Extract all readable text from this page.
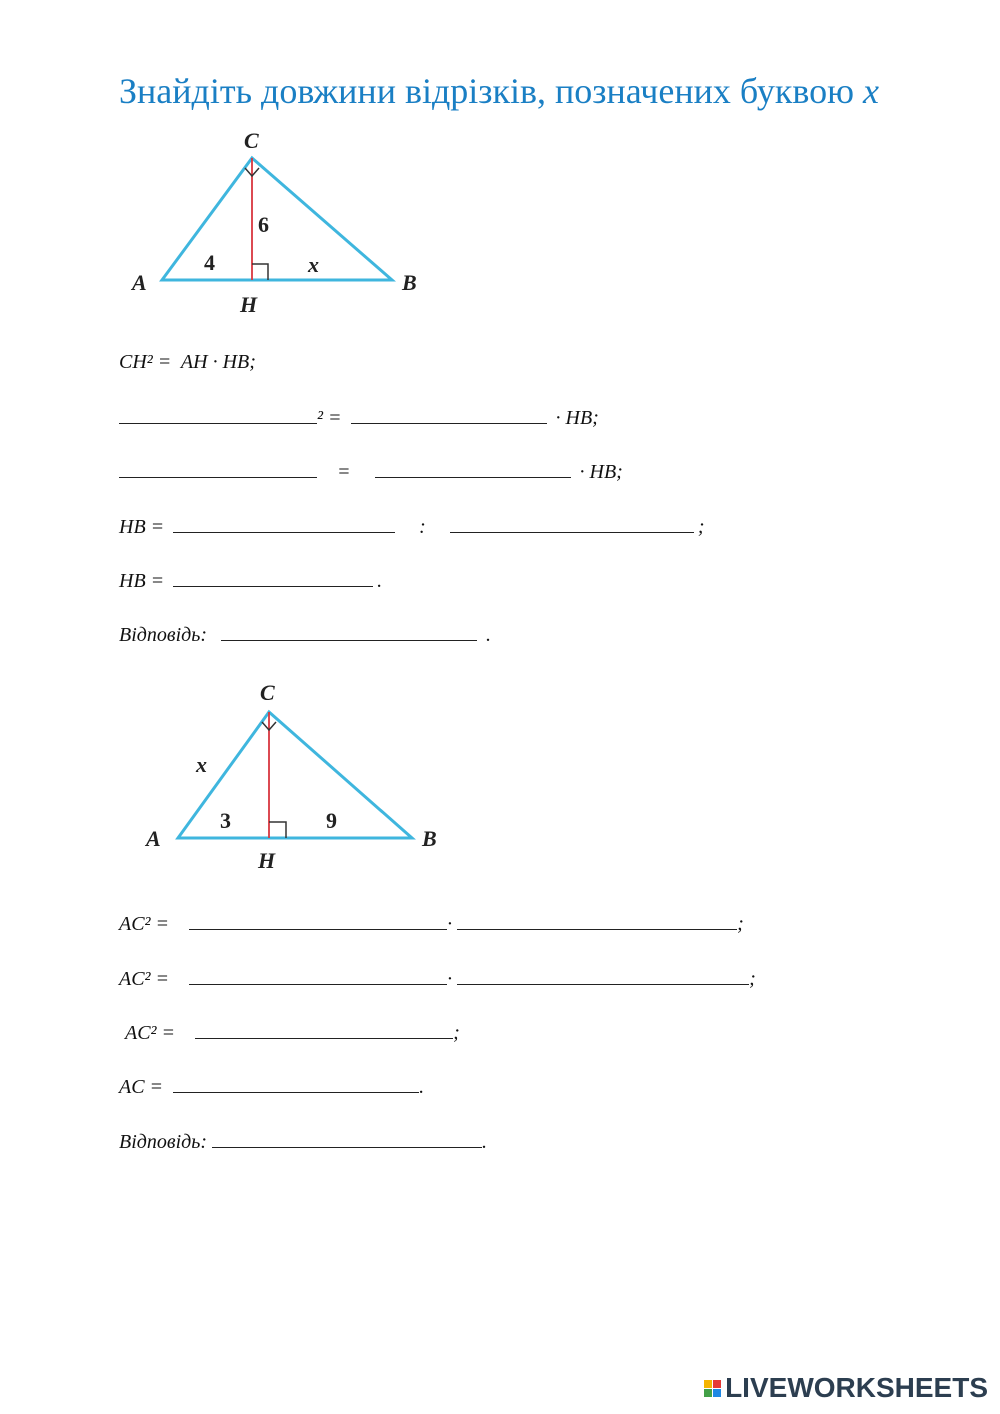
Знайдіть довжини відрізків, позначених буквою x
C
A	B
H
4
6
x
CH² =  AH · HB;
² =	· HB;
=	· HB;
HB =	:	;
HB =	.
Відповідь:	.
C
A	B
H
x
3	9
AC² =	·	;
AC² =	·	;
AC² =	;
AC =	.
Відповідь:	.
LIVEWORKSHEETS
